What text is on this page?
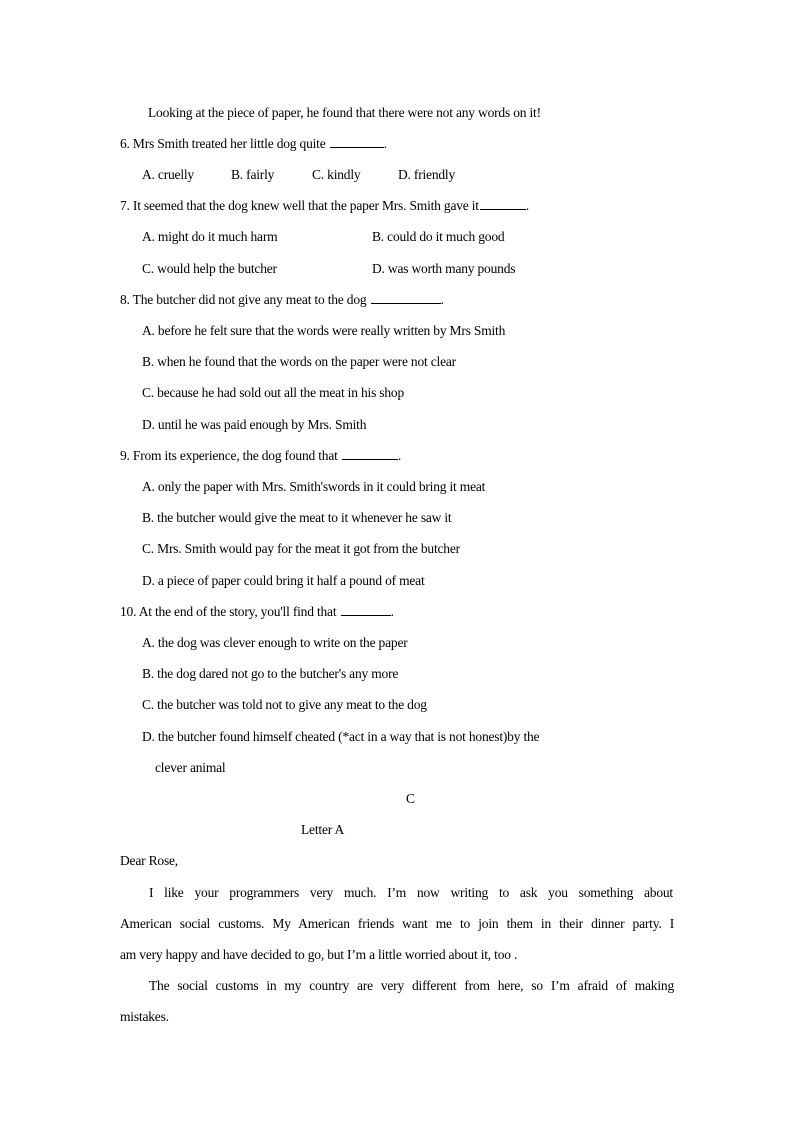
Looking at the piece of paper, he found that there were not any words on it!
6. Mrs Smith treated her little dog quite	.
A. cruelly	B. fairly	C. kindly	D. friendly
7. It seemed that the dog knew well that the paper Mrs. Smith gave it	.
A. might do it much harm	B. could do it much good
C. would help the butcher	D. was worth many pounds
8. The butcher did not give any meat to the dog	.
A. before he felt sure that the words were really written by Mrs Smith
B. when he found that the words on the paper were not clear
C. because he had sold out all the meat in his shop
D. until he was paid enough by Mrs. Smith
9. From its experience, the dog found that	.
A. only the paper with Mrs. Smith'swords in it could bring it meat
B. the butcher would give the meat to it whenever he saw it
C. Mrs. Smith would pay for the meat it got from the butcher
D. a piece of paper could bring it half a pound of meat
10. At the end of the story, you'll find that	.
A. the dog was clever enough to write on the paper
B. the dog dared not go to the butcher's any more
C. the butcher was told not to give any meat to the dog
D. the butcher found himself cheated (*act in a way that is not honest)by the
clever animal
C
Letter A
Dear Rose,
I like your programmers very much. I’m now writing to ask you something about
American social customs. My American friends want me to join them in their dinner party. I
am very happy and have decided to go, but I’m a little worried about it, too .
The social customs in my country are very different from here, so I’m afraid of making
mistakes.
